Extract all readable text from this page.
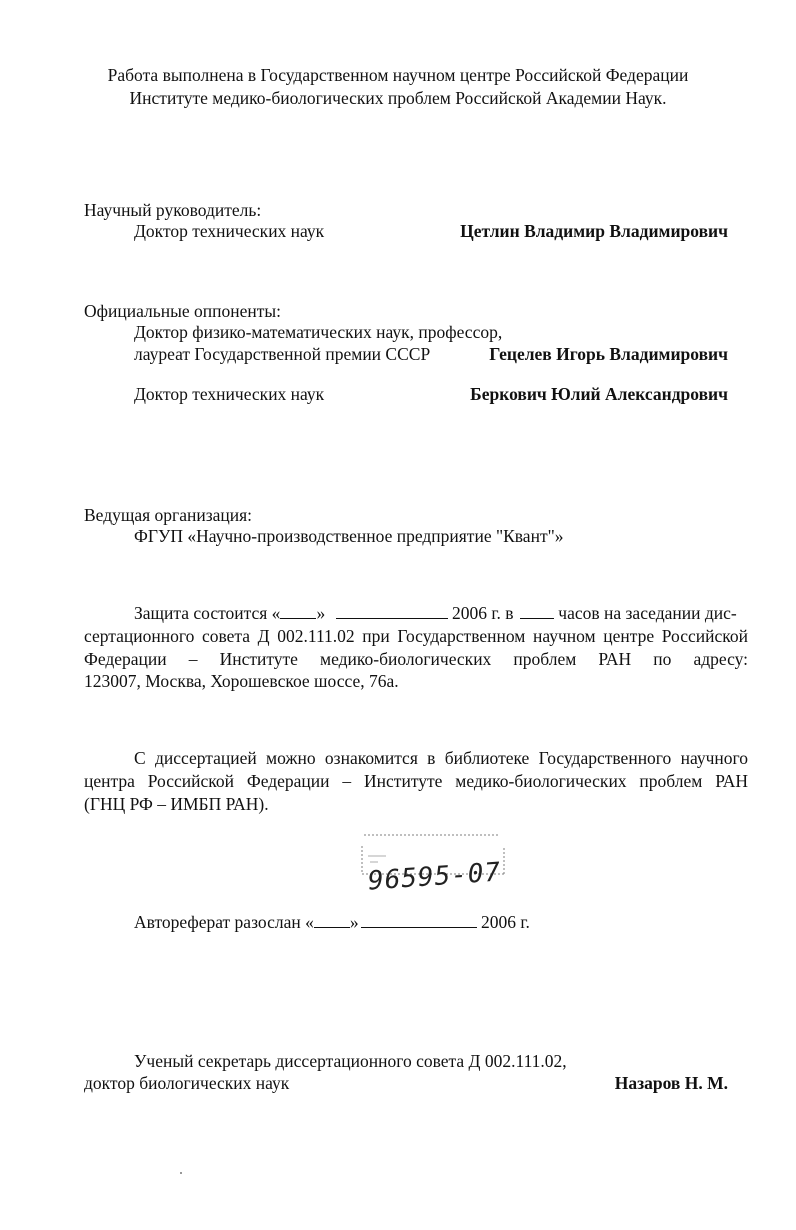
Работа выполнена в Государственном научном центре Российской Федерации
Институте медико-биологических проблем Российской Академии Наук.
Научный руководитель:
Доктор технических наук	Цетлин Владимир Владимирович
Официальные оппоненты:
Доктор физико-математических наук, профессор,
лауреат Государственной премии СССР	Гецелев Игорь Владимирович
Доктор технических наук	Беркович Юлий Александрович
Ведущая организация:
ФГУП «Научно-производственное предприятие "Квант"»
Защита состоится « »	2006 г. в	часов на заседании дис-
сертационного совета Д 002.111.02 при Государственном научном центре Российской
Федерации – Институте медико-биологических проблем РАН по адресу:
123007, Москва, Хорошевское шоссе, 76а.
С диссертацией можно ознакомится в библиотеке Государственного научного
центра Российской Федерации – Институте медико-биологических проблем РАН
(ГНЦ РФ – ИМБП РАН).
96595-07
Автореферат разослан « »	2006 г.
Ученый секретарь диссертационного совета Д 002.111.02,
доктор биологических наук	Назаров Н. М.
